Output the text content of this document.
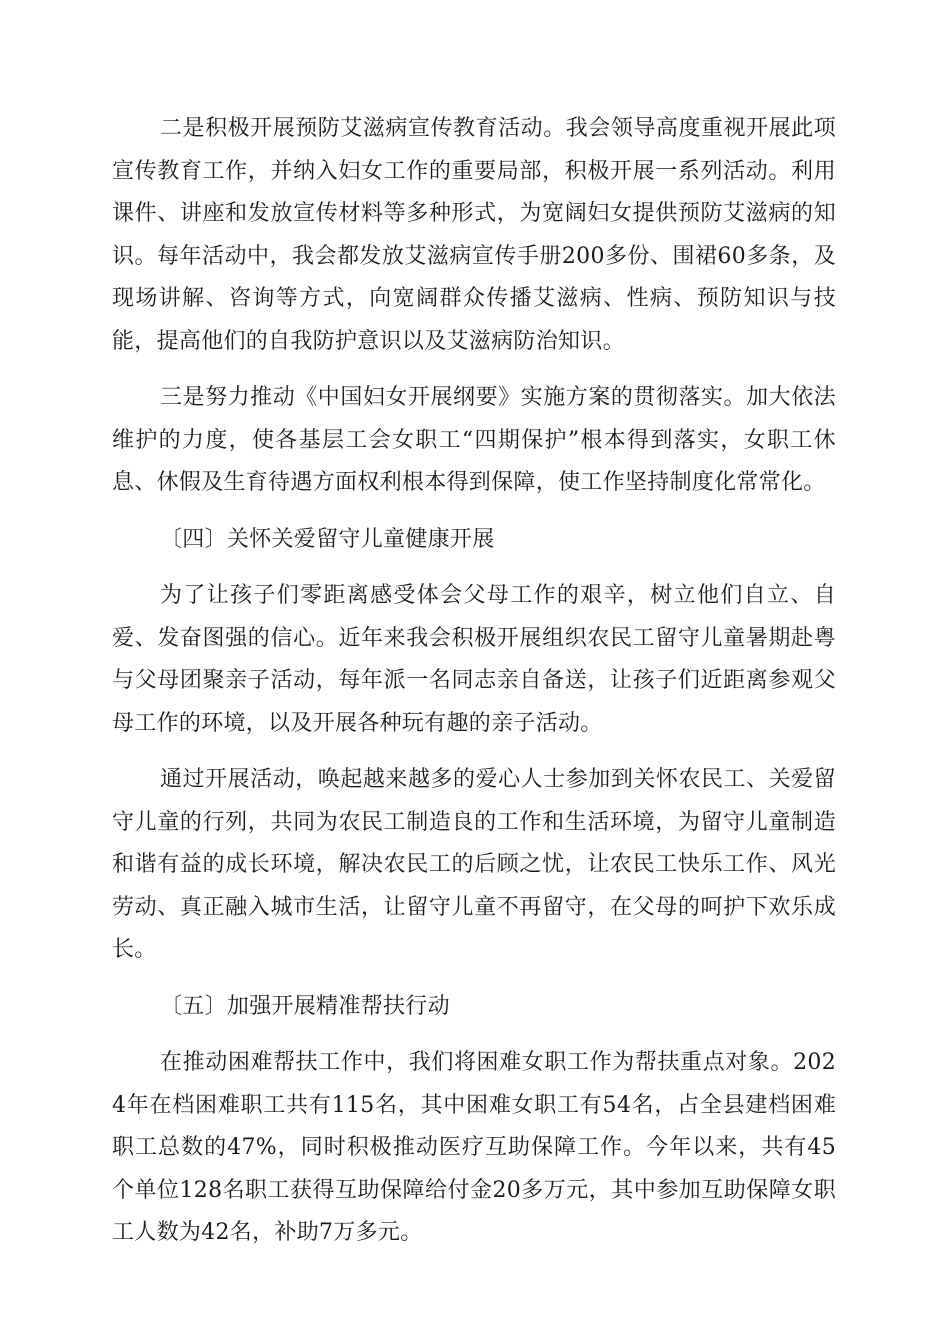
二是积极开展预防艾滋病宣传教育活动。我会领导高度重视开展此项宣传教育工作，并纳入妇女工作的重要局部，积极开展一系列活动。利用课件、讲座和发放宣传材料等多种形式，为宽阔妇女提供预防艾滋病的知识。每年活动中，我会都发放艾滋病宣传手册200多份、围裙60多条，及现场讲解、咨询等方式，向宽阔群众传播艾滋病、性病、预防知识与技能，提高他们的自我防护意识以及艾滋病防治知识。

三是努力推动《中国妇女开展纲要》实施方案的贯彻落实。加大依法维护的力度，使各基层工会女职工“四期保护”根本得到落实，女职工休息、休假及生育待遇方面权利根本得到保障，使工作坚持制度化常常化。

〔四〕关怀关爱留守儿童健康开展

为了让孩子们零距离感受体会父母工作的艰辛，树立他们自立、自爱、发奋图强的信心。近年来我会积极开展组织农民工留守儿童暑期赴粤与父母团聚亲子活动，每年派一名同志亲自备送，让孩子们近距离参观父母工作的环境，以及开展各种玩有趣的亲子活动。

通过开展活动，唤起越来越多的爱心人士参加到关怀农民工、关爱留守儿童的行列，共同为农民工制造良的工作和生活环境，为留守儿童制造和谐有益的成长环境，解决农民工的后顾之忧，让农民工快乐工作、风光劳动、真正融入城市生活，让留守儿童不再留守，在父母的呵护下欢乐成长。

〔五〕加强开展精准帮扶行动

在推动困难帮扶工作中，我们将困难女职工作为帮扶重点对象。2024年在档困难职工共有115名，其中困难女职工有54名，占全县建档困难职工总数的47%，同时积极推动医疗互助保障工作。今年以来，共有45个单位128名职工获得互助保障给付金20多万元，其中参加互助保障女职工人数为42名，补助7万多元。
